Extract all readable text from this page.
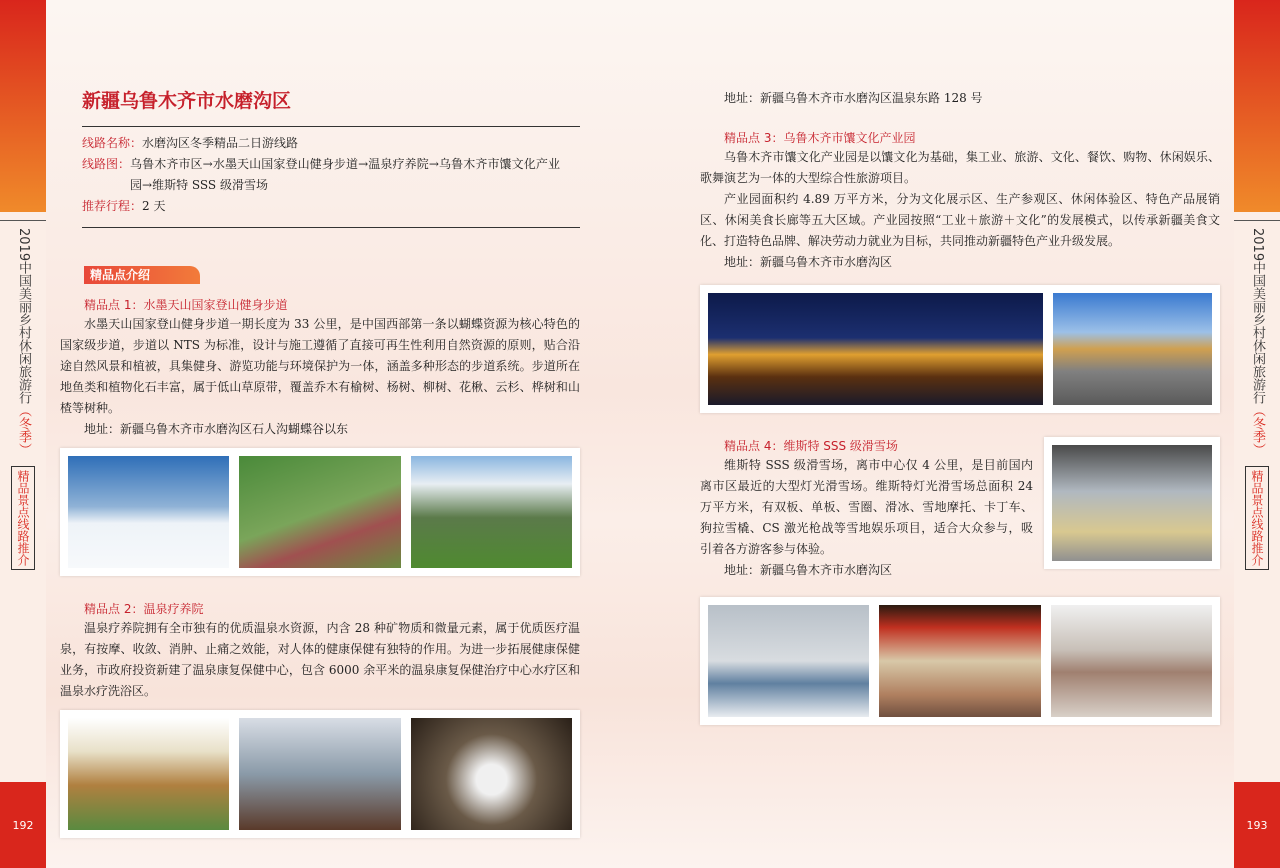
2019中国美丽乡村休闲旅游行（冬季）
精品景点线路推介
192
2019中国美丽乡村休闲旅游行（冬季）
精品景点线路推介
193
新疆乌鲁木齐市水磨沟区
线路名称：水磨沟区冬季精品二日游线路
线路图： 乌鲁木齐市区→水墨天山国家登山健身步道→温泉疗养院→乌鲁木齐市馕文化产业园→维斯特 SSS 级滑雪场
推荐行程：2 天
精品点介绍
精品点 1：水墨天山国家登山健身步道
水墨天山国家登山健身步道一期长度为 33 公里，是中国西部第一条以蝴蝶资源为核心特色的国家级步道，步道以 NTS 为标准，设计与施工遵循了直接可再生性利用自然资源的原则，贴合沿途自然风景和植被，具集健身、游览功能与环境保护为一体，涵盖多种形态的步道系统。步道所在地鱼类和植物化石丰富，属于低山草原带，覆盖乔木有榆树、杨树、柳树、花楸、云杉、桦树和山楂等树种。
地址：新疆乌鲁木齐市水磨沟区石人沟蝴蝶谷以东
精品点 2：温泉疗养院
温泉疗养院拥有全市独有的优质温泉水资源，内含 28 种矿物质和微量元素，属于优质医疗温泉，有按摩、收敛、消肿、止痛之效能，对人体的健康保健有独特的作用。为进一步拓展健康保健业务，市政府投资新建了温泉康复保健中心，包含 6000 余平米的温泉康复保健治疗中心水疗区和温泉水疗洗浴区。
地址：新疆乌鲁木齐市水磨沟区温泉东路 128 号
精品点 3：乌鲁木齐市馕文化产业园
乌鲁木齐市馕文化产业园是以馕文化为基础，集工业、旅游、文化、餐饮、购物、休闲娱乐、歌舞演艺为一体的大型综合性旅游项目。
产业园面积约 4.89 万平方米，分为文化展示区、生产参观区、休闲体验区、特色产品展销区、休闲美食长廊等五大区域。产业园按照“工业＋旅游＋文化”的发展模式，以传承新疆美食文化、打造特色品牌、解决劳动力就业为目标，共同推动新疆特色产业升级发展。
地址：新疆乌鲁木齐市水磨沟区
精品点 4：维斯特 SSS 级滑雪场
维斯特 SSS 级滑雪场，离市中心仅 4 公里，是目前国内离市区最近的大型灯光滑雪场。维斯特灯光滑雪场总面积 24 万平方米，有双板、单板、雪圈、滑冰、雪地摩托、卡丁车、狗拉雪橇、CS 激光枪战等雪地娱乐项目，适合大众参与，吸引着各方游客参与体验。
地址：新疆乌鲁木齐市水磨沟区
